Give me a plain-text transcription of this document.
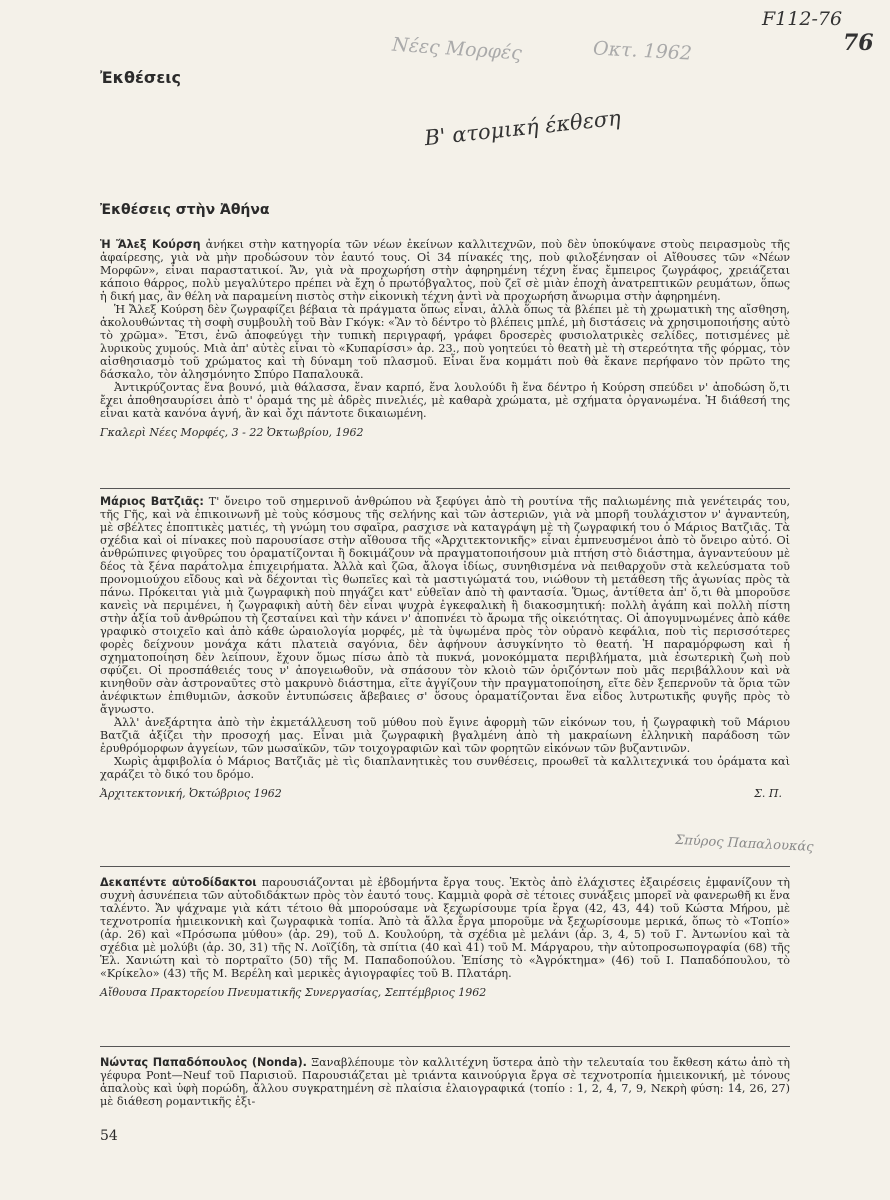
Νέες Μορφές	Οκτ. 1962
F112-76
76
Β' ατομική έκθεση
Σπύρος Παπαλουκάς
Ἐκθέσεις
Ἐκθέσεις στὴν Ἀθήνα

Ἡ Ἄλεξ Κούρση ἀνήκει στὴν κατηγορία τῶν νέων ἐκείνων καλλιτεχνῶν, ποὺ δὲν ὑποκύψανε στοὺς πειρασμοὺς τῆς ἀφαίρεσης, γιὰ νὰ μὴν προδώσουν τὸν ἑαυτό τους. Οἱ 34 πίνακές της, ποὺ φιλοξένησαν οἱ Αἴθουσες τῶν «Νέων Μορφῶν», εἶναι παραστατικοί. Ἄν, γιὰ νὰ προχωρήση στὴν ἀφηρημένη τέχνη ἕνας ἔμπειρος ζωγράφος, χρειάζεται κάποιο θάρρος, πολὺ μεγαλύτερο πρέπει νὰ ἔχη ὁ πρωτόβγαλτος, ποὺ ζεῖ σὲ μιὰν ἐποχὴ ἀνατρεπτικῶν ρευμάτων, ὅπως ἡ δική μας, ἂν θέλη νὰ παραμείνη πιστὸς στὴν εἰκονικὴ τέχνη ἀντὶ νὰ προχωρήση ἄνωριμα στὴν ἀφηρημένη.

Ἡ Ἄλεξ Κούρση δὲν ζωγραφίζει βέβαια τὰ πράγματα ὅπως εἶναι, ἀλλὰ ὅπως τὰ βλέπει μὲ τὴ χρωματικὴ της αἴσθηση, ἀκολουθώντας τὴ σοφὴ συμβουλὴ τοῦ Βὰν Γκόγκ: «Ἂν τὸ δέντρο τὸ βλέπεις μπλέ, μὴ διστάσεις νὰ χρησιμοποιήσης αὐτὸ τὸ χρῶμα». Ἔτσι, ἐνῶ ἀποφεύγει τὴν τυπικὴ περιγραφή, γράφει δροσερὲς φυσιολατρικὲς σελίδες, ποτισμένες μὲ λυρικοὺς χυμούς. Μιὰ ἀπ' αὐτὲς εἶναι τὸ «Κυπαρίσσι» ἀρ. 23., ποὺ γοητεύει τὸ θεατὴ μὲ τὴ στερεότητα τῆς φόρμας, τὸν αἰσθησιασμὸ τοῦ χρώματος καὶ τὴ δύναμη τοῦ πλασμοῦ. Εἶναι ἕνα κομμάτι ποὺ θὰ ἔκανε περήφανο τὸν πρῶτο της δάσκαλο, τὸν ἀλησμόνητο Σπύρο Παπαλουκᾶ.

Ἀντικρύζοντας ἕνα βουνό, μιὰ θάλασσα, ἕναν καρπό, ἕνα λουλούδι ἢ ἕνα δέντρο ἡ Κούρση σπεύδει ν' ἀποδώση ὅ,τι ἔχει ἀποθησαυρίσει ἀπὸ τ' ὁραμά της μὲ ἀδρὲς πινελιές, μὲ καθαρὰ χρώματα, μὲ σχήματα ὀργανωμένα. Ἡ διάθεσή της εἶναι κατὰ κανόνα ἁγνή, ἂν καὶ ὄχι πάντοτε δικαιωμένη.

Γκαλερὶ Νέες Μορφές, 3 - 22 Ὀκτωβρίου, 1962

Μάριος Βατζιᾶς: Τ' ὄνειρο τοῦ σημερινοῦ ἀνθρώπου νὰ ξεφύγει ἀπὸ τὴ ρουτίνα τῆς παλιωμένης πιὰ γενέτειράς του, τῆς Γῆς, καὶ νὰ ἐπικοινωνῆ μὲ τοὺς κόσμους τῆς σελήνης καὶ τῶν ἀστεριῶν, γιὰ νὰ μπορῆ τουλάχιστον ν' ἀγναντεύη, μὲ σβέλτες ἐποπτικὲς ματιές, τὴ γνώμη του σφαῖρα, ρασχισε νὰ καταγράψη μὲ τὴ ζωγραφική του ὁ Μάριος Βατζιᾶς. Τὰ σχέδια καὶ οἱ πίνακες ποὺ παρουσίασε στὴν αἴθουσα τῆς «Ἀρχιτεκτονικῆς» εἶναι ἐμπνευσμένοι ἀπὸ τὸ ὄνειρο αὐτό. Οἱ ἀνθρώπινες φιγοῦρες του ὁραματίζονται ἢ δοκιμάζουν νὰ πραγματοποιήσουν μιὰ πτήση στὸ διάστημα, ἀγναντεύουν μὲ δέος τὰ ξένα παράτολμα ἐπιχειρήματα. Ἀλλὰ καὶ ζῶα, ἄλογα ἰδίως, συνηθισμένα νὰ πειθαρχοῦν στὰ κελεύσματα τοῦ προνομιούχου εἴδους καὶ νὰ δέχονται τὶς θωπεῖες καὶ τὰ μαστιγώματά του, νιώθουν τὴ μετάθεση τῆς ἀγωνίας πρὸς τὰ πάνω. Πρόκειται γιὰ μιὰ ζωγραφικὴ ποὺ πηγάζει κατ' εὐθεῖαν ἀπὸ τὴ φαντασία. Ὅμως, ἀντίθετα ἀπ' ὅ,τι θὰ μποροῦσε κανεὶς νὰ περιμένει, ἡ ζωγραφικὴ αὐτὴ δὲν εἶναι ψυχρὰ ἐγκεφαλικὴ ἢ διακοσμητική: πολλὴ ἀγάπη καὶ πολλὴ πίστη στὴν ἀξία τοῦ ἀνθρώπου τὴ ζεσταίνει καὶ τὴν κάνει ν' ἀποπνέει τὸ ἄρωμα τῆς οἰκειότητας. Οἱ ἀπογυμνωμένες ἀπὸ κάθε γραφικὸ στοιχεῖο καὶ ἀπὸ κάθε ὡραιολογία μορφές, μὲ τὰ ὑψωμένα πρὸς τὸν οὐρανὸ κεφάλια, ποὺ τὶς περισσότερες φορὲς δείχνουν μονάχα κάτι πλατειὰ σαγόνια, δὲν ἀφήνουν ἀσυγκίνητο τὸ θεατή. Ἡ παραμόρφωση καὶ ἡ σχηματοποίηση δὲν λείπουν, ἔχουν ὅμως πίσω ἀπὸ τὰ πυκνά, μονοκόμματα περιβλήματα, μιὰ ἐσωτερικὴ ζωὴ ποὺ σφύζει. Οἱ προσπάθειές τους ν' ἀπογειωθοῦν, νὰ σπάσουν τὸν κλοιὸ τῶν ὁριζόντων ποὺ μᾶς περιβάλλουν καὶ νὰ κινηθοῦν σὰν ἀστροναῦτες στὸ μακρυνὸ διάστημα, εἴτε ἀγγίζουν τὴν πραγματοποίηση, εἴτε δὲν ξεπερνοῦν τὰ ὅρια τῶν ἀνέφικτων ἐπιθυμιῶν, ἀσκοῦν ἐντυπώσεις ἄβεβαιες σ' ὅσους ὁραματίζονται ἕνα εἶδος λυτρωτικῆς φυγῆς πρὸς τὸ ἄγνωστο.

Ἀλλ' ἀνεξάρτητα ἀπὸ τὴν ἐκμετάλλευση τοῦ μύθου ποὺ ἔγινε ἀφορμὴ τῶν εἰκόνων του, ἡ ζωγραφικὴ τοῦ Μάριου Βατζιᾶ ἀξίζει τὴν προσοχή μας. Εἶναι μιὰ ζωγραφικὴ βγαλμένη ἀπὸ τὴ μακραίωνη ἑλληνικὴ παράδοση τῶν ἐρυθρόμορφων ἀγγείων, τῶν μωσαϊκῶν, τῶν τοιχογραφιῶν καὶ τῶν φορητῶν εἰκόνων τῶν βυζαντινῶν.

Χωρὶς ἀμφιβολία ὁ Μάριος Βατζιᾶς μὲ τὶς διαπλανητικὲς του συνθέσεις, προωθεῖ τὰ καλλιτεχνικά του ὁράματα καὶ χαράζει τὸ δικό του δρόμο.

Ἀρχιτεκτονική, Ὀκτώβριος 1962	Σ. Π.

Δεκαπέντε αὐτοδίδακτοι παρουσιάζονται μὲ ἑβδομήντα ἔργα τους. Ἐκτὸς ἀπὸ ἐλάχιστες ἐξαιρέσεις ἐμφανίζουν τὴ συχνὴ ἀσυνέπεια τῶν αὐτοδιδάκτων πρὸς τὸν ἑαυτό τους. Καμμιὰ φορὰ σὲ τέτοιες συνάξεις μπορεῖ νὰ φανερωθῆ κι ἕνα ταλέντο. Ἄν ψάχναμε γιὰ κάτι τέτοιο θὰ μπορούσαμε νὰ ξεχωρίσουμε τρία ἔργα (42, 43, 44) τοῦ Κώστα Μήρου, μὲ τεχνοτροπία ἡμιεικονικὴ καὶ ζωγραφικὰ τοπία. Ἀπὸ τὰ ἄλλα ἔργα μποροῦμε νὰ ξεχωρίσουμε μερικά, ὅπως τὸ «Τοπίο» (ἀρ. 26) καὶ «Πρόσωπα μύθου» (ἀρ. 29), τοῦ Δ. Κουλούρη, τὰ σχέδια μὲ μελάνι (ἀρ. 3, 4, 5) τοῦ Γ. Ἀντωνίου καὶ τὰ σχέδια μὲ μολύβι (ἀρ. 30, 31) τῆς Ν. Λοϊζίδη, τὰ σπίτια (40 καὶ 41) τοῦ Μ. Μάργαρου, τὴν αὐτοπροσωπογραφία (68) τῆς Ἑλ. Χανιώτη καὶ τὸ πορτραῖτο (50) τῆς Μ. Παπαδοπούλου. Ἐπίσης τὸ «Ἀγρόκτημα» (46) τοῦ Ι. Παπαδόπουλου, τὸ «Κρίκελο» (43) τῆς Μ. Βερέλη καὶ μερικὲς ἁγιογραφίες τοῦ Β. Πλατάρη.

Αἴθουσα Πρακτορείου Πνευματικῆς Συνεργασίας, Σεπτέμβριος 1962

Νώντας Παπαδόπουλος (Nonda). Ξαναβλέπουμε τὸν καλλιτέχνη ὕστερα ἀπὸ τὴν τελευταία του ἔκθεση κάτω ἀπὸ τὴ γέφυρα Pont—Neuf τοῦ Παρισιοῦ. Παρουσιάζεται μὲ τριάντα καινούργια ἔργα σὲ τεχνοτροπία ἡμιεικονική, μὲ τόνους ἁπαλοὺς καὶ ὑφὴ πορώδη, ἄλλου συγκρατημένη σὲ πλαίσια ἐλαιογραφικά (τοπίο : 1, 2, 4, 7, 9, Νεκρὴ φύση: 14, 26, 27) μὲ διάθεση ρομαντικῆς ἐξι-

54
